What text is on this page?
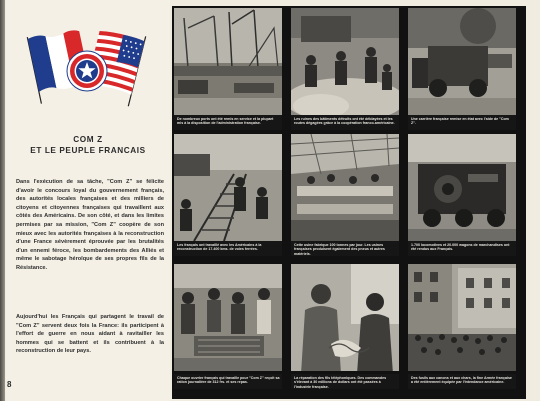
COM Z
ET LE PEUPLE FRANCAIS
Dans l'exécution de sa tâche, "Com Z" se félicite d'avoir le concours loyal du gouvernement français, des autorités locales françaises et des milliers de citoyens et citoyennes françaises qui travaillent aux côtés des Américains. De son côté, et dans les limites permises par sa mission, "Com Z" coopère de son mieux avec les autorités françaises à la reconstruction d'une France sévèrement éprouvée par les brutalités d'un ennemi féroce, les bombardements des Alliés et même le sabotage héroïque de ses propres fils de la Résistance.
Aujourd'hui les Français qui partagent le travail de "Com Z" servent deux fois la France: ils participent à l'effort de guerre en nous aidant à ravitailler les hommes qui se battent et ils contribuent à la reconstruction de leur pays.
8
De nombreux ports ont été remis en service et la plupart mis à la disposition de l'administration française.
Les ruines des bâtiments détruits ont été déblayées et les routes dégagées grâce à la coopération franco-américaine.
Une carrière française remise en état avec l'aide de "Com Z".
Les français ont travaillé avec les Américains à la reconstruction de 17.400 kms. de voies ferrées.
Cette usine fabrique 100 tonnes par jour. Les usines françaises produisent également des pneus et autres matériels.
1.700 locomotives et 20.000 wagons de marchandises ont été rendus aux Français.
Chaque ouvrier français qui travaille pour "Com Z" reçoit sa ration journalière de 312 frs. et ses repas.
La réparation des fils téléphoniques. Des commandes s'élevant à 30 millions de dollars ont été passées à l'industrie française.
Des fusils aux canons et aux chars, la fine Armée française a été entièrement équipée par l'intendance américaine.
